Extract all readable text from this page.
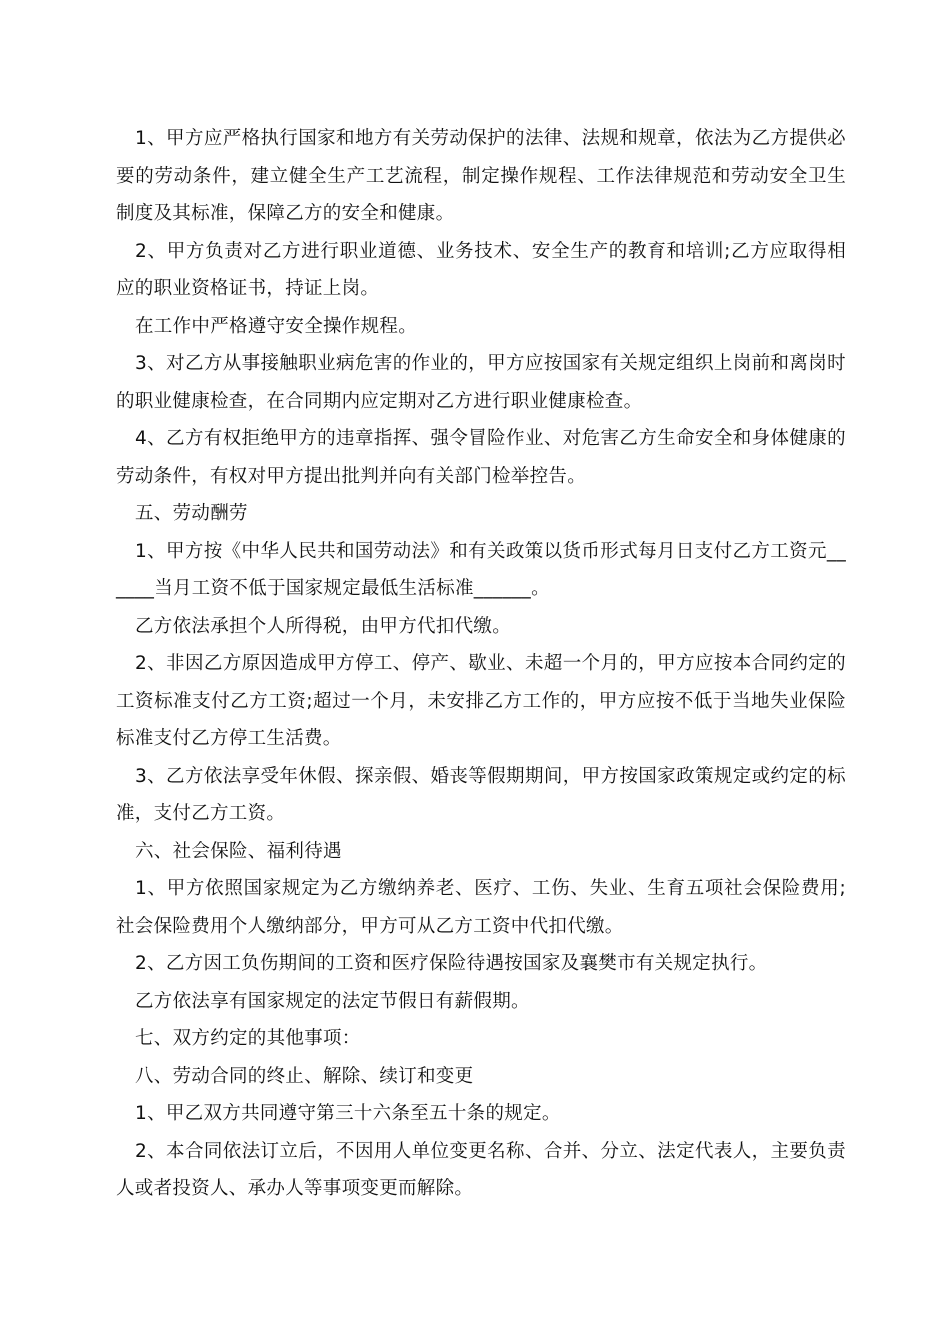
1、甲方应严格执行国家和地方有关劳动保护的法律、法规和规章，依法为乙方提供必要的劳动条件，建立健全生产工艺流程，制定操作规程、工作法律规范和劳动安全卫生制度及其标准，保障乙方的安全和健康。

2、甲方负责对乙方进行职业道德、业务技术、安全生产的教育和培训;乙方应取得相应的职业资格证书，持证上岗。

在工作中严格遵守安全操作规程。

3、对乙方从事接触职业病危害的作业的，甲方应按国家有关规定组织上岗前和离岗时的职业健康检查，在合同期内应定期对乙方进行职业健康检查。

4、乙方有权拒绝甲方的违章指挥、强令冒险作业、对危害乙方生命安全和身体健康的劳动条件，有权对甲方提出批判并向有关部门检举控告。

五、劳动酬劳

1、甲方按《中华人民共和国劳动法》和有关政策以货币形式每月日支付乙方工资元______当月工资不低于国家规定最低生活标准______。

乙方依法承担个人所得税，由甲方代扣代缴。

2、非因乙方原因造成甲方停工、停产、歇业、未超一个月的，甲方应按本合同约定的工资标准支付乙方工资;超过一个月，未安排乙方工作的，甲方应按不低于当地失业保险标准支付乙方停工生活费。

3、乙方依法享受年休假、探亲假、婚丧等假期期间，甲方按国家政策规定或约定的标准，支付乙方工资。

六、社会保险、福利待遇

1、甲方依照国家规定为乙方缴纳养老、医疗、工伤、失业、生育五项社会保险费用;社会保险费用个人缴纳部分，甲方可从乙方工资中代扣代缴。

2、乙方因工负伤期间的工资和医疗保险待遇按国家及襄樊市有关规定执行。

乙方依法享有国家规定的法定节假日有薪假期。

七、双方约定的其他事项：

八、劳动合同的终止、解除、续订和变更

1、甲乙双方共同遵守第三十六条至五十条的规定。

2、本合同依法订立后，不因用人单位变更名称、合并、分立、法定代表人，主要负责人或者投资人、承办人等事项变更而解除。
